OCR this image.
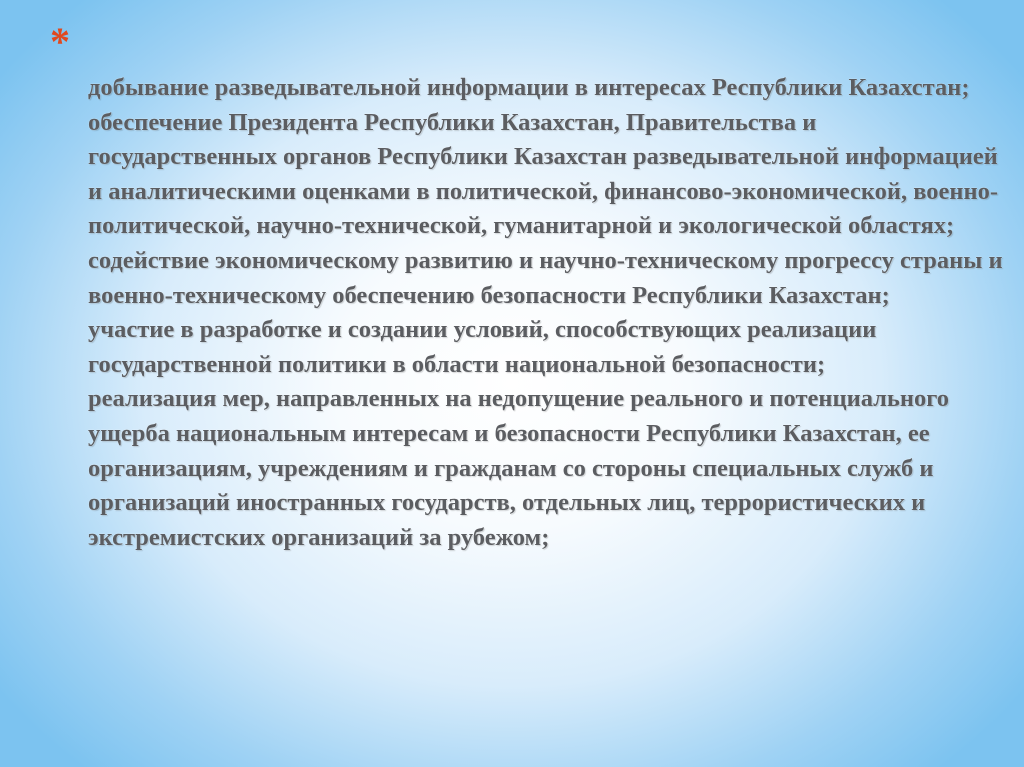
*
добывание разведывательной информации в интересах Республики Казахстан;
обеспечение Президента Республики Казахстан, Правительства и государственных органов Республики Казахстан разведывательной информацией и аналитическими оценками в политической, финансово-экономической, военно-политической, научно-технической, гуманитарной и экологической областях;
содействие экономическому развитию и научно-техническому прогрессу страны и военно-техническому обеспечению безопасности Республики Казахстан;
участие в разработке и создании условий, способствующих реализации государственной политики в области национальной безопасности;
реализация мер, направленных на недопущение реального и потенциального ущерба национальным интересам и безопасности Республики Казахстан, ее организациям, учреждениям и гражданам со стороны специальных служб и организаций иностранных государств, отдельных лиц, террористических и экстремистских организаций за рубежом;
